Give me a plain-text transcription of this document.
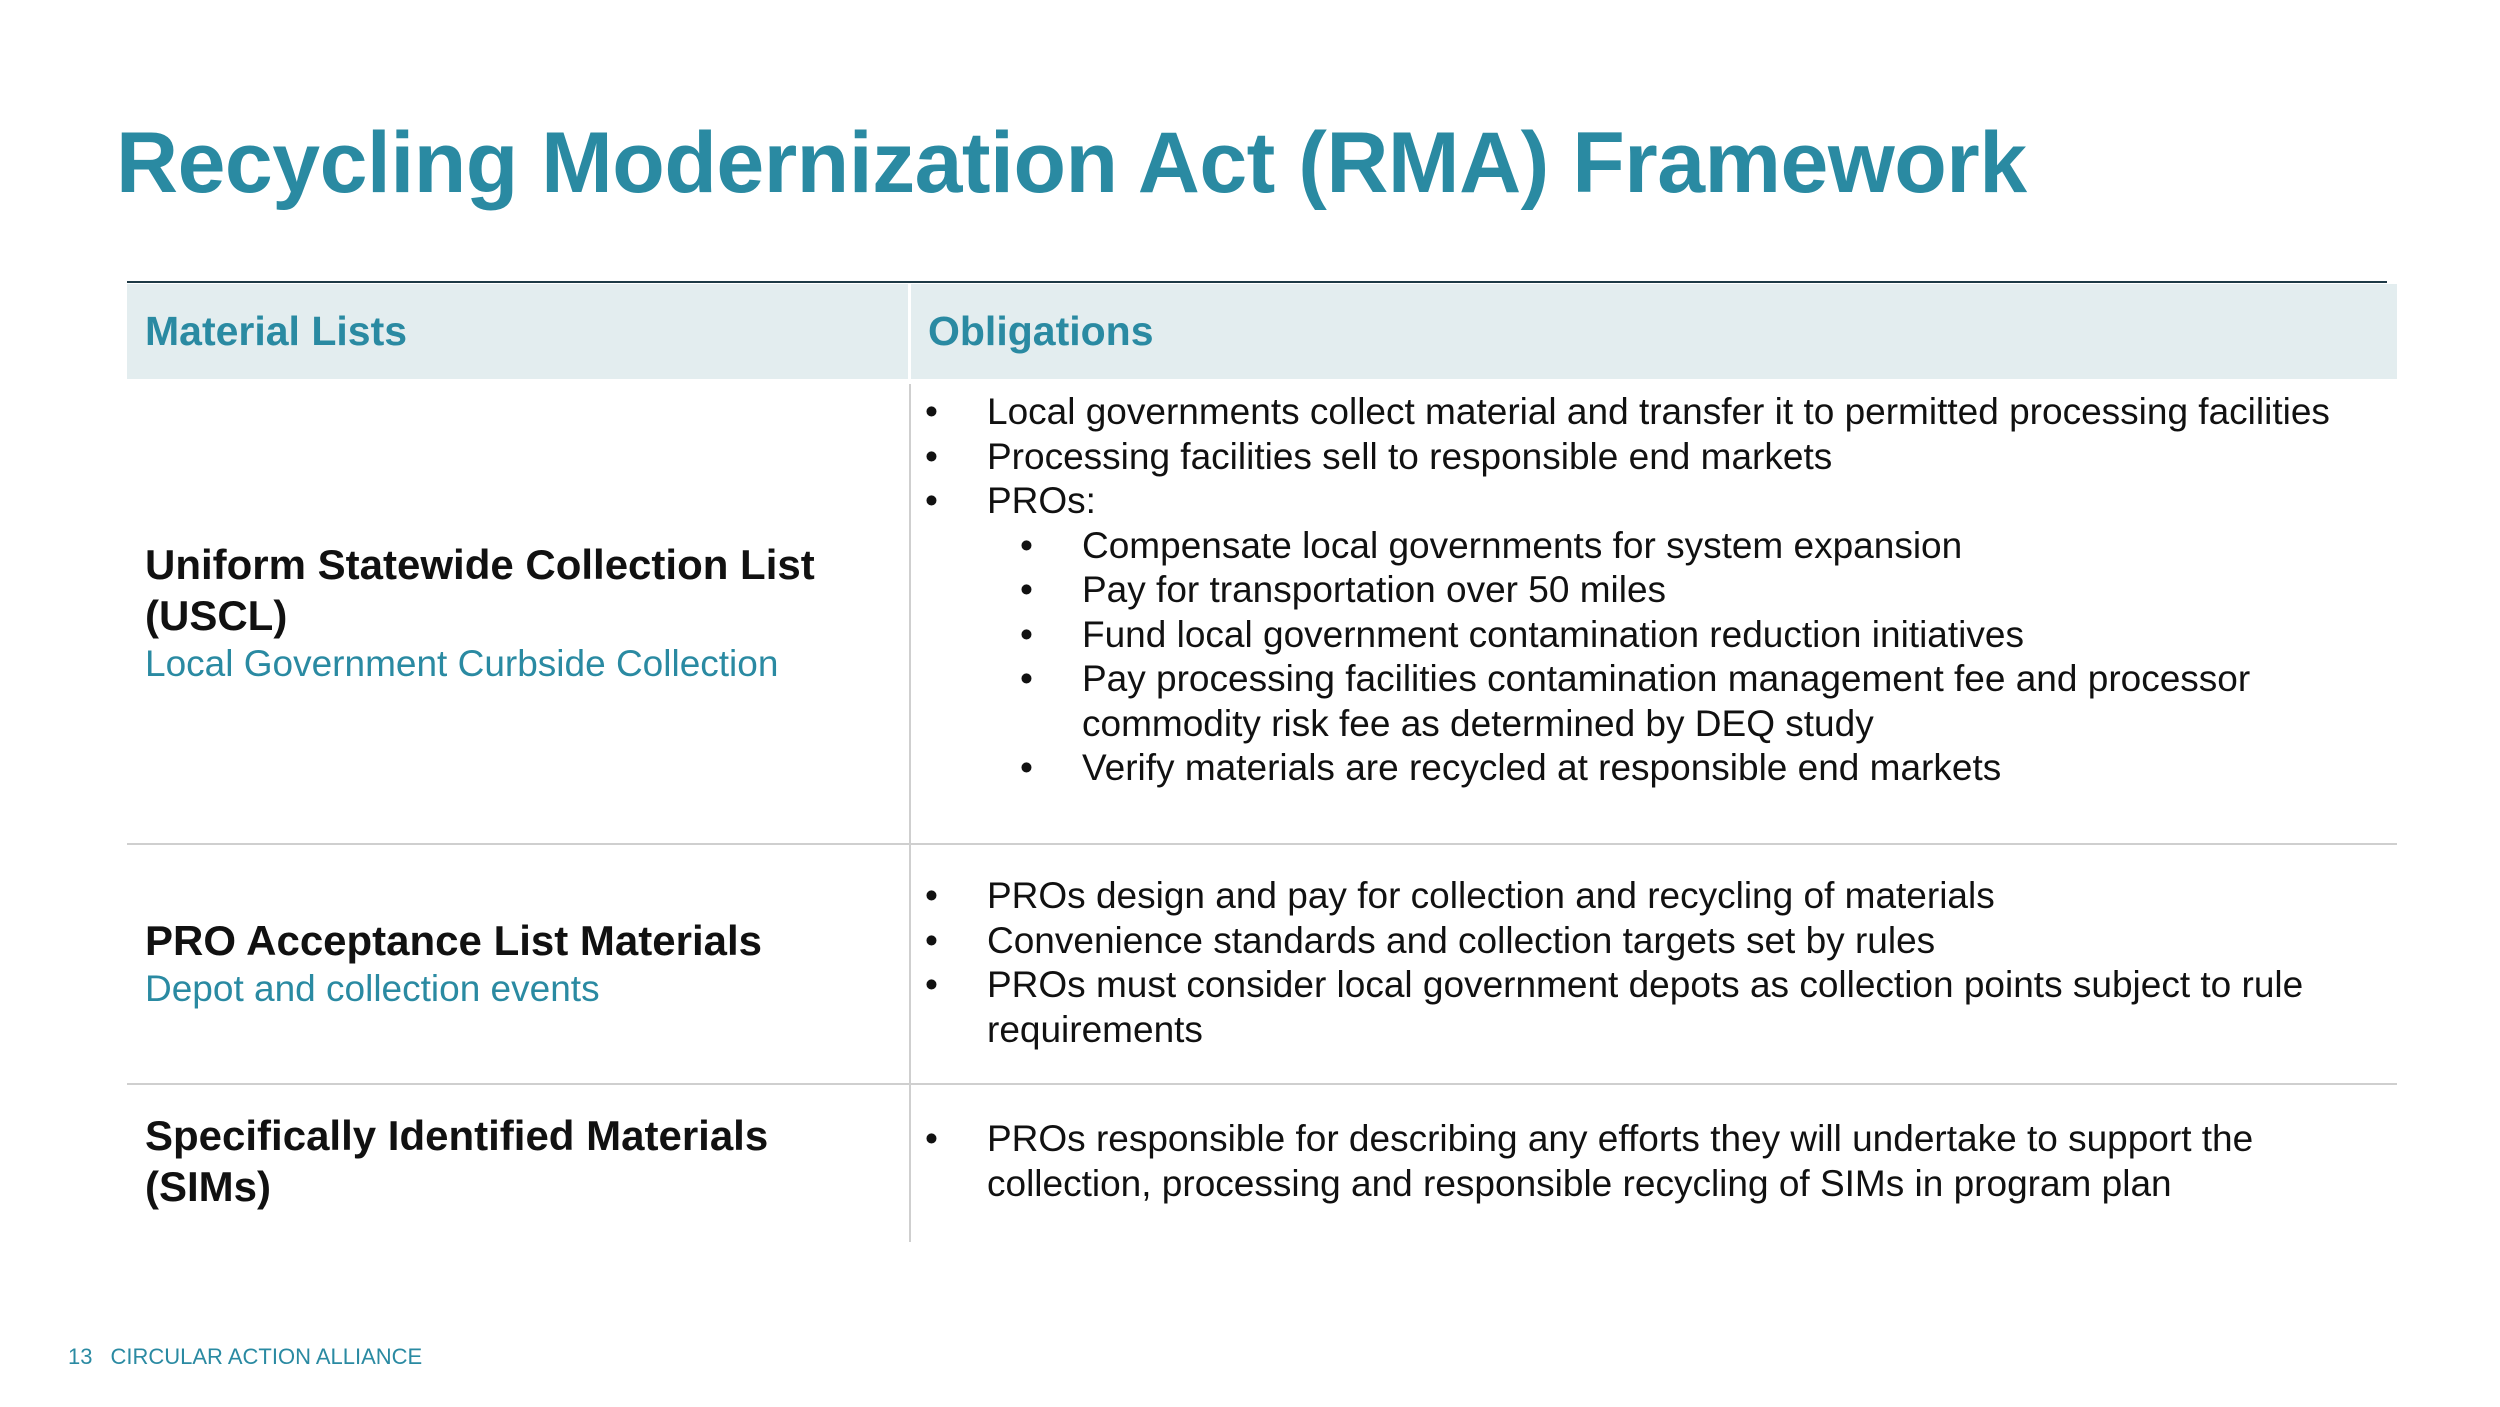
Recycling Modernization Act (RMA) Framework
Material Lists	Obligations

Uniform Statewide Collection List (USCL)

Local Government Curbside Collection

• Local governments collect material and transfer it to permitted processing facilities
• Processing facilities sell to responsible end markets
• PROs:
• Compensate local governments for system expansion
• Pay for transportation over 50 miles
• Fund local government contamination reduction initiatives
• Pay processing facilities contamination management fee and processor commodity risk fee as determined by DEQ study
• Verify materials are recycled at responsible end markets

PRO Acceptance List Materials

Depot and collection events

• PROs design and pay for collection and recycling of materials
• Convenience standards and collection targets set by rules
• PROs must consider local government depots as collection points subject to rule requirements

Specifically Identified Materials (SIMs)

• PROs responsible for describing any efforts they will undertake to support the collection, processing and responsible recycling of SIMs in program plan
13 CIRCULAR ACTION ALLIANCE
